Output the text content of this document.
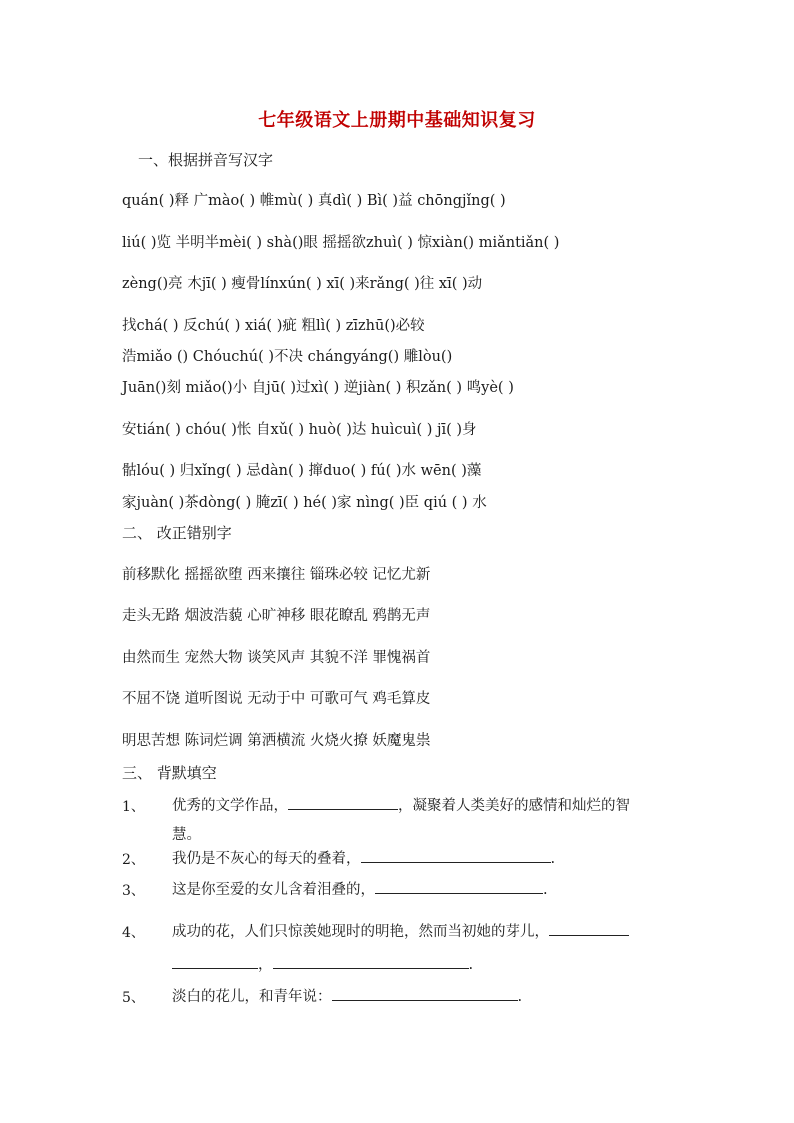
七年级语文上册期中基础知识复习
一、根据拼音写汉字
quán( )释 广mào( ) 帷mù( ) 真dì( ) Bì( )益 chōngjǐng( )
liú( )览 半明半mèi( ) shà()眼 摇摇欲zhuì( ) 惊xiàn() miǎntiǎn( )
zèng()亮 木jī( ) 瘦骨línxún( ) xī( )来rǎng( )往 xī( )动
找chá( ) 反chú( ) xiá( )疵 粗lì( ) zīzhū()必较
浩miǎo () Chóuchú( )不决 chángyáng() 雕lòu()
Juān()刻 miǎo()小 自jū( )过xì( ) 逆jiàn( ) 积zǎn( ) 鸣yè( )
安tián( ) chóu( )怅 自xǔ( ) huò( )达 huìcuì( ) jī( )身
骷lóu( ) 归xǐng( ) 忌dàn( ) 撺duo( ) fú( )水 wēn( )藻
家juàn( )茶dòng( ) 腌zī( ) hé( )家 nìng( )臣 qiú ( ) 水
二、 改正错别字
前移默化 摇摇欲堕 西来攘往 锱珠必较 记忆尤新
走头无路 烟波浩藐 心旷神移 眼花瞭乱 鸦鹊无声
由然而生 宠然大物 谈笑风声 其貌不洋 罪愧祸首
不屈不饶 道听图说 无动于中 可歌可气 鸡毛算皮
明思苦想 陈词烂调 第洒横流 火烧火撩 妖魔鬼祟
三、 背默填空
1、 优秀的文学作品，	，凝聚着人类美好的感情和灿烂的智
慧。
2、 我仍是不灰心的每天的叠着，	.
3、 这是你至爱的女儿含着泪叠的，	.
4、 成功的花，人们只惊羡她现时的明艳，然而当初她的芽儿，
，	.
5、 淡白的花儿，和青年说：	.
